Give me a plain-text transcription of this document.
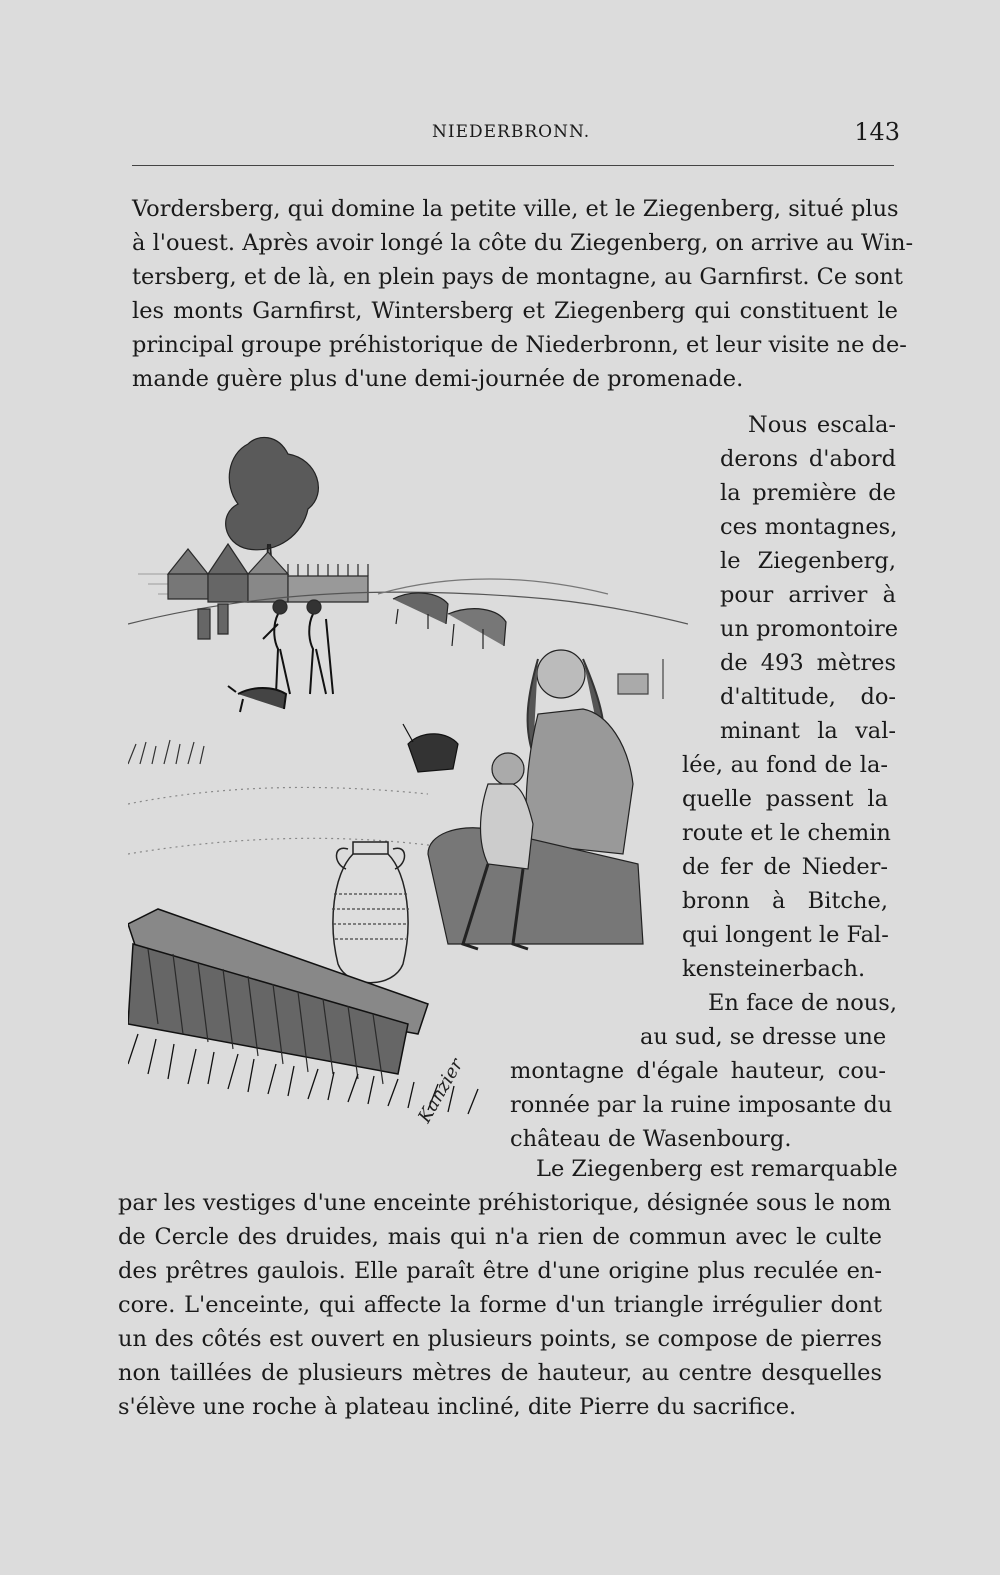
NIEDERBRONN.	143
Vordersberg, qui domine la petite ville, et le Ziegenberg, situé plus
à l'ouest. Après avoir longé la côte du Ziegenberg, on arrive au Win-
tersberg, et de là, en plein pays de montagne, au Garnfirst. Ce sont
les monts Garnfirst, Wintersberg et Ziegenberg qui constituent le
principal groupe préhistorique de Niederbronn, et leur visite ne de-
mande guère plus d'une demi-journée de promenade.
Nous escala-
derons d'abord
la première de
ces montagnes,
le Ziegenberg,
pour arriver à
un promontoire
de 493 mètres
d'altitude, do-
minant la val-
lée, au fond de la-
quelle passent la
route et le chemin
de fer de Nieder-
bronn à Bitche,
qui longent le Fal-
kensteinerbach.
En face de nous,
au sud, se dresse une
montagne d'égale hauteur, cou-
ronnée par la ruine imposante du
château de Wasenbourg.
Le Ziegenberg est remarquable
par les vestiges d'une enceinte préhistorique, désignée sous le nom
de Cercle des druides, mais qui n'a rien de commun avec le culte
des prêtres gaulois. Elle paraît être d'une origine plus reculée en-
core. L'enceinte, qui affecte la forme d'un triangle irrégulier dont
un des côtés est ouvert en plusieurs points, se compose de pierres
non taillées de plusieurs mètres de hauteur, au centre desquelles
s'élève une roche à plateau incliné, dite Pierre du sacrifice.
Kanzier
